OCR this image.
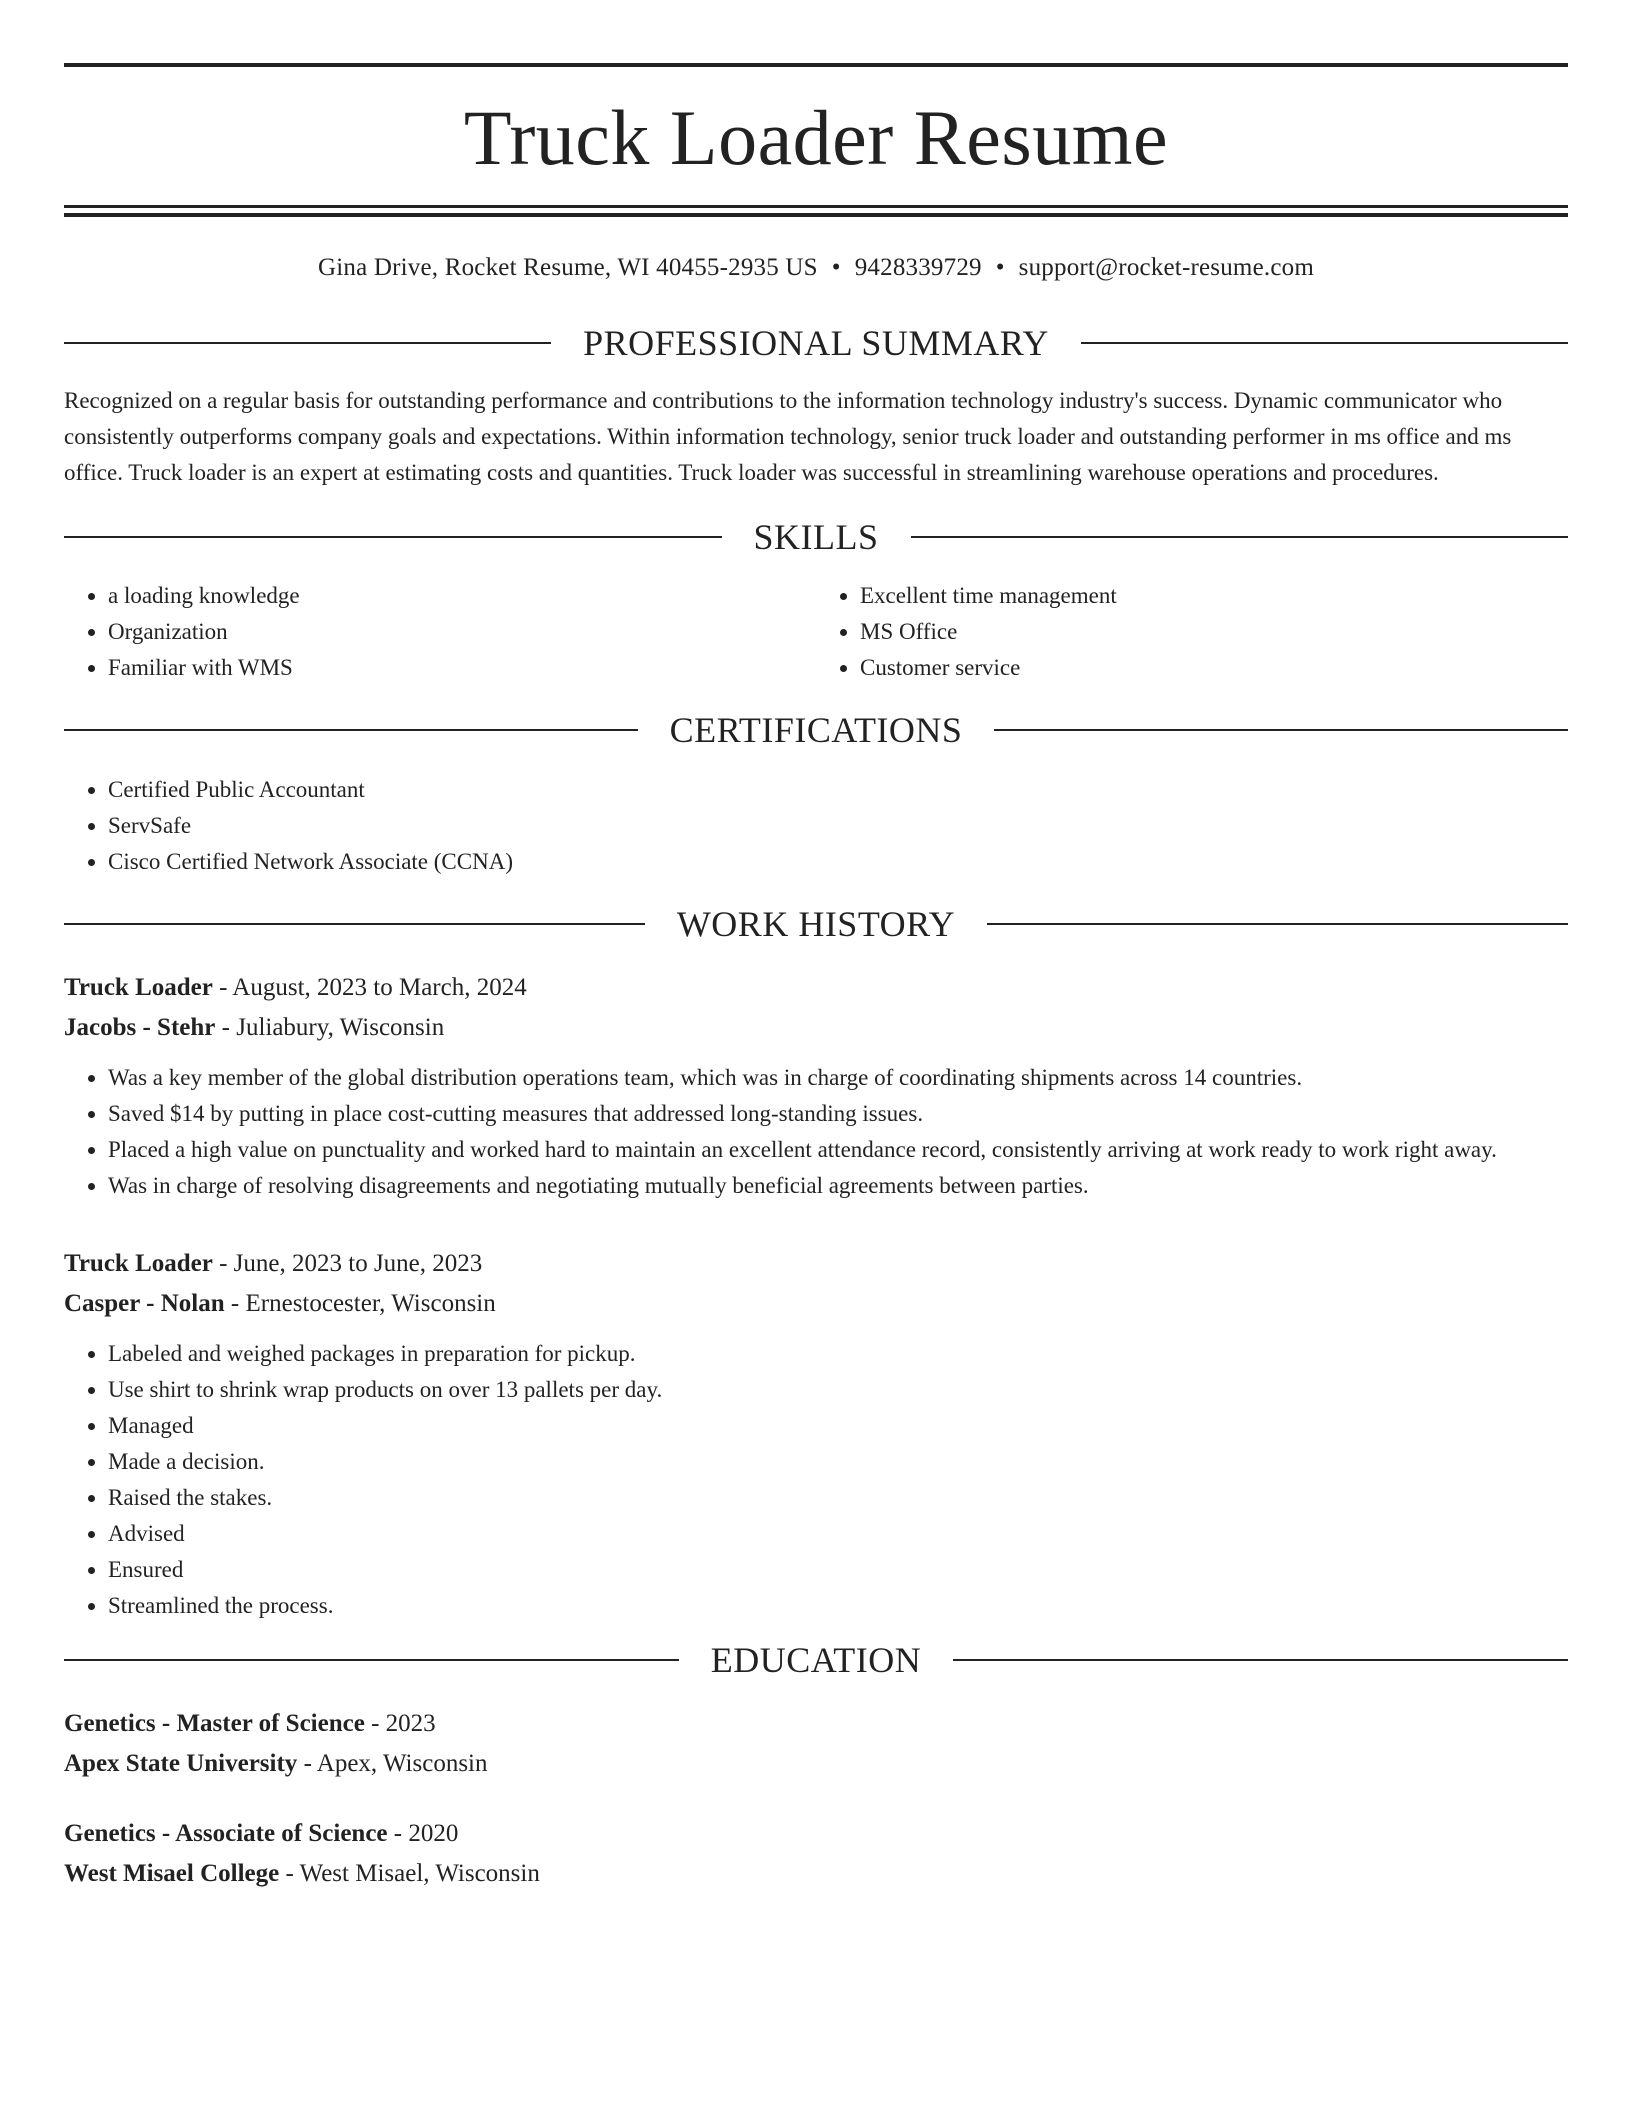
Truck Loader Resume
Gina Drive, Rocket Resume, WI 40455-2935 US • 9428339729 • support@rocket-resume.com
PROFESSIONAL SUMMARY
Recognized on a regular basis for outstanding performance and contributions to the information technology industry's success. Dynamic communicator who consistently outperforms company goals and expectations. Within information technology, senior truck loader and outstanding performer in ms office and ms office. Truck loader is an expert at estimating costs and quantities. Truck loader was successful in streamlining warehouse operations and procedures.
SKILLS
• a loading knowledge
• Organization
• Familiar with WMS
• Excellent time management
• MS Office
• Customer service
CERTIFICATIONS
• Certified Public Accountant
• ServSafe
• Cisco Certified Network Associate (CCNA)
WORK HISTORY
Truck Loader - August, 2023 to March, 2024
Jacobs - Stehr - Juliabury, Wisconsin
• Was a key member of the global distribution operations team, which was in charge of coordinating shipments across 14 countries.
• Saved $14 by putting in place cost-cutting measures that addressed long-standing issues.
• Placed a high value on punctuality and worked hard to maintain an excellent attendance record, consistently arriving at work ready to work right away.
• Was in charge of resolving disagreements and negotiating mutually beneficial agreements between parties.
Truck Loader - June, 2023 to June, 2023
Casper - Nolan - Ernestocester, Wisconsin
• Labeled and weighed packages in preparation for pickup.
• Use shirt to shrink wrap products on over 13 pallets per day.
• Managed
• Made a decision.
• Raised the stakes.
• Advised
• Ensured
• Streamlined the process.
EDUCATION
Genetics - Master of Science - 2023
Apex State University - Apex, Wisconsin
Genetics - Associate of Science - 2020
West Misael College - West Misael, Wisconsin
